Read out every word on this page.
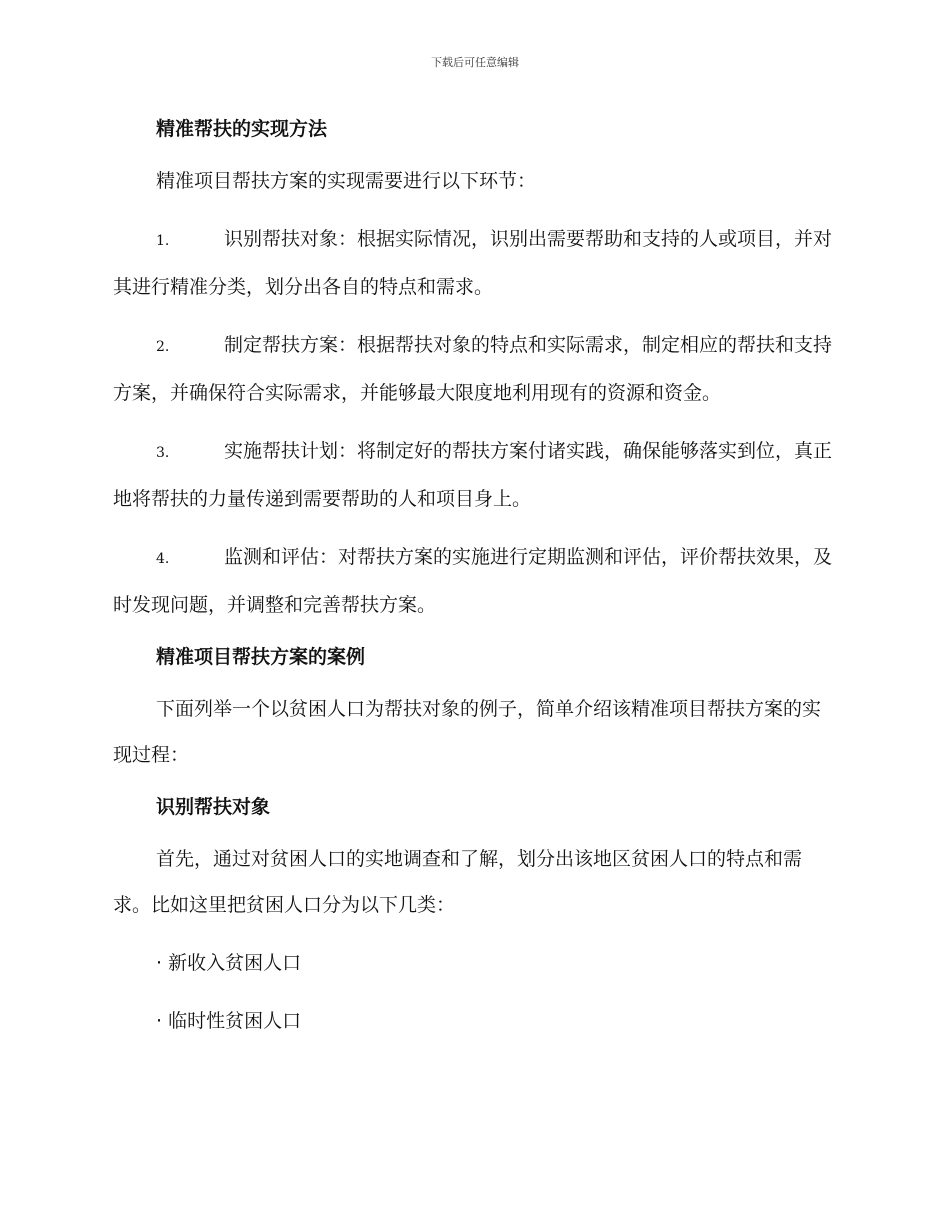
下载后可任意编辑

精准帮扶的实现方法

精准项目帮扶方案的实现需要进行以下环节：

1.	识别帮扶对象：根据实际情况，识别出需要帮助和支持的人或项目，并对其进行精准分类，划分出各自的特点和需求。

2.	制定帮扶方案：根据帮扶对象的特点和实际需求，制定相应的帮扶和支持方案，并确保符合实际需求，并能够最大限度地利用现有的资源和资金。

3.	实施帮扶计划：将制定好的帮扶方案付诸实践，确保能够落实到位，真正地将帮扶的力量传递到需要帮助的人和项目身上。

4.	监测和评估：对帮扶方案的实施进行定期监测和评估，评价帮扶效果，及时发现问题，并调整和完善帮扶方案。

精准项目帮扶方案的案例

下面列举一个以贫困人口为帮扶对象的例子，简单介绍该精准项目帮扶方案的实现过程：

识别帮扶对象

首先，通过对贫困人口的实地调查和了解，划分出该地区贫困人口的特点和需求。比如这里把贫困人口分为以下几类：

· 新收入贫困人口

· 临时性贫困人口
